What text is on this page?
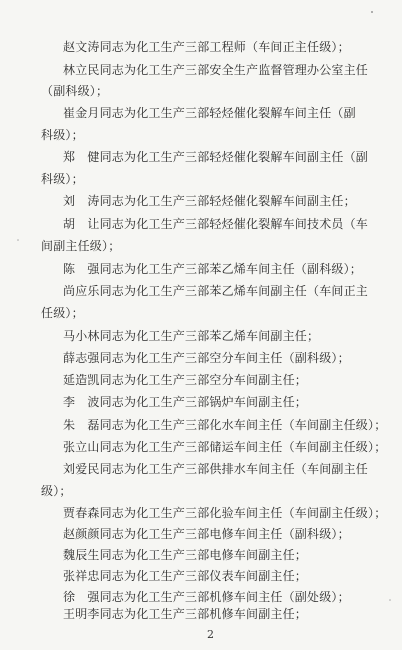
赵文涛同志为化工生产三部工程师（车间正主任级）；
林立民同志为化工生产三部安全生产监督管理办公室主任
（副科级）；
崔金月同志为化工生产三部轻烃催化裂解车间主任（副
科级）；
郑　健同志为化工生产三部轻烃催化裂解车间副主任（副
科级）；
刘　涛同志为化工生产三部轻烃催化裂解车间副主任；
胡　让同志为化工生产三部轻烃催化裂解车间技术员（车
间副主任级）；
陈　强同志为化工生产三部苯乙烯车间主任（副科级）；
尚应乐同志为化工生产三部苯乙烯车间副主任（车间正主
任级）；
马小林同志为化工生产三部苯乙烯车间副主任；
薛志强同志为化工生产三部空分车间主任（副科级）；
延造凯同志为化工生产三部空分车间副主任；
李　波同志为化工生产三部锅炉车间副主任；
朱　磊同志为化工生产三部化水车间主任（车间副主任级）；
张立山同志为化工生产三部储运车间主任（车间副主任级）；
刘爱民同志为化工生产三部供排水车间主任（车间副主任
级）；
贾春森同志为化工生产三部化验车间主任（车间副主任级）；
赵颜颜同志为化工生产三部电修车间主任（副科级）；
魏辰生同志为化工生产三部电修车间副主任；
张祥忠同志为化工生产三部仪表车间副主任；
2
徐　强同志为化工生产三部机修车间主任（副处级）；
王明李同志为化工生产三部机修车间副主任；
